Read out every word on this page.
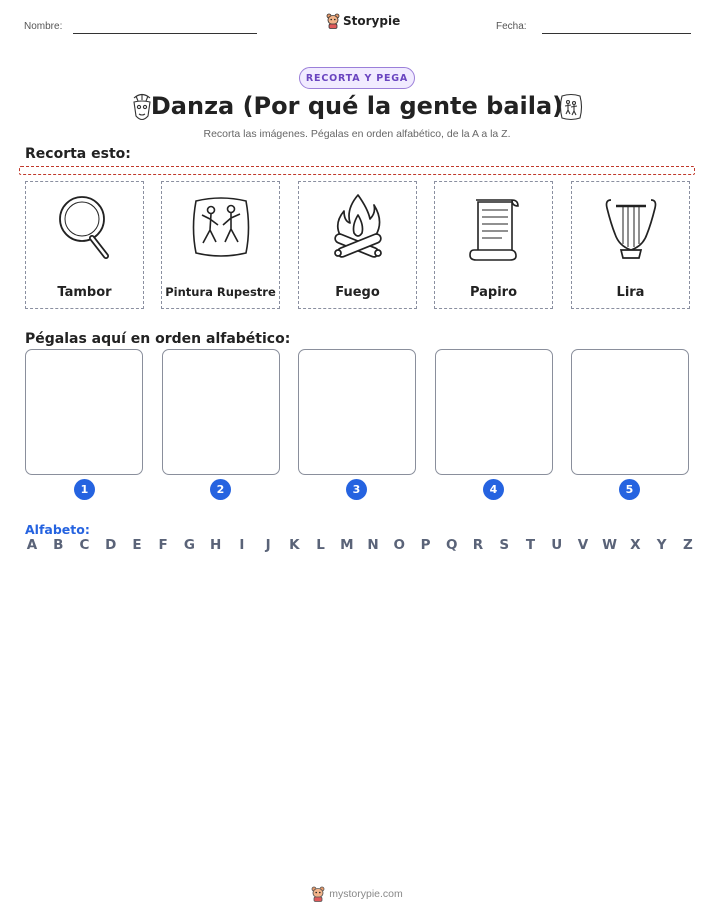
Nombre:	Storypie	Fecha:
RECORTA Y PEGA
Danza (Por qué la gente baila)
Recorta las imágenes. Pégalas en orden alfabético, de la A a la Z.
Recorta esto:
Tambor	Pintura Rupestre	Fuego	Papiro	Lira
Pégalas aquí en orden alfabético:
1	2	3	4	5
Alfabeto:
A B C D E F G H	I	J	K L M N O P Q R S T U V W X Y Z
mystorypie.com
